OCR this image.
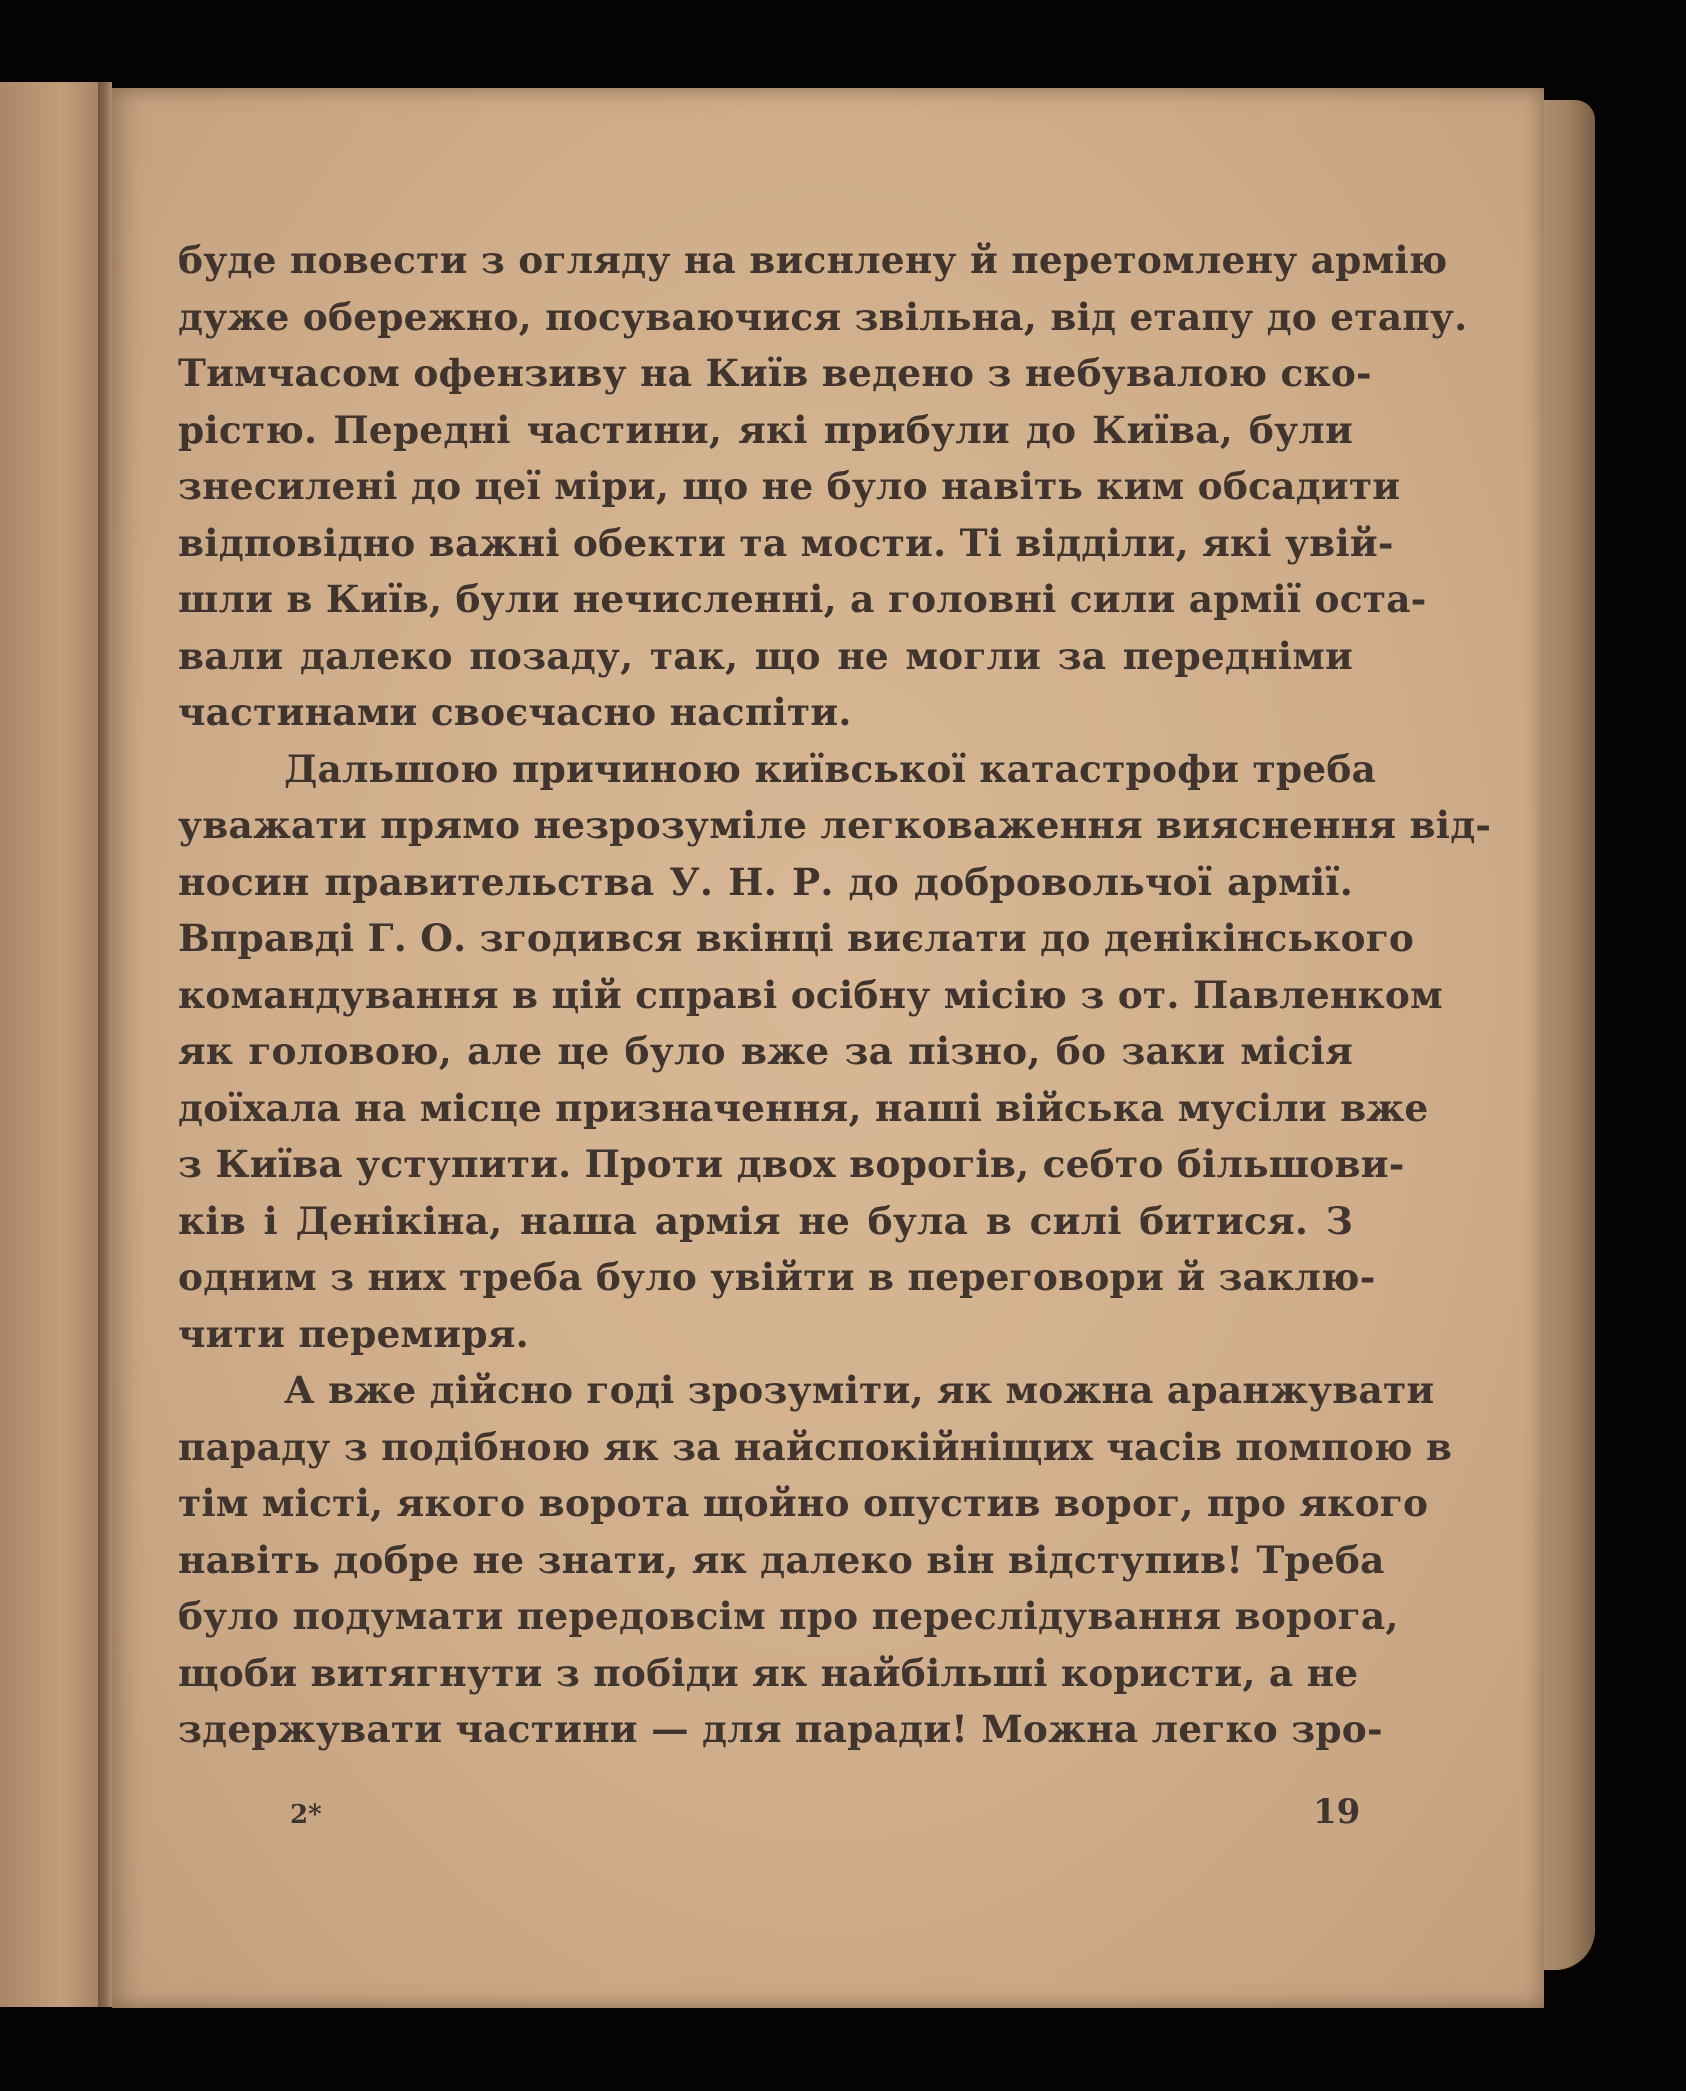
буде повести з огляду на виснлену й перетомлену армію

дуже обережно, посуваючися звільна, від етапу до етапу.

Тимчасом офензиву на Київ ведено з небувалою ско-

рістю. Передні частини, які прибули до Київа, були

знесилені до цеї міри, що не було навіть ким обсадити

відповідно важні обекти та мости. Ті відділи, які увій-

шли в Київ, були нечисленні, а головні сили армії оста-

вали далеко позаду, так, що не могли за передніми

частинами своєчасно наспіти.

Дальшою причиною київської катастрофи треба

уважати прямо незрозуміле легковаження вияснення від-

носин правительства У. Н. Р. до добровольчої армії.

Вправді Г. О. згодився вкінці виєлати до денікінського

командування в цій справі осібну місію з от. Павленком

як головою, але це було вже за пізно, бо заки місія

доїхала на місце призначення, наші війська мусіли вже

з Київа уступити. Проти двох ворогів, себто більшови-

ків і Денікіна, наша армія не була в силі битися. З

одним з них треба було увійти в переговори й заклю-

чити перемиря.

А вже дійсно годі зрозуміти, як можна аранжувати

параду з подібною як за найспокійніщих часів помпою в

тім місті, якого ворота щойно опустив ворог, про якого

навіть добре не знати, як далеко він відступив! Треба

було подумати передовсім про переслідування ворога,

щоби витягнути з побіди як найбільші користи, а не

здержувати частини — для паради! Можна легко зро-

2*	19
